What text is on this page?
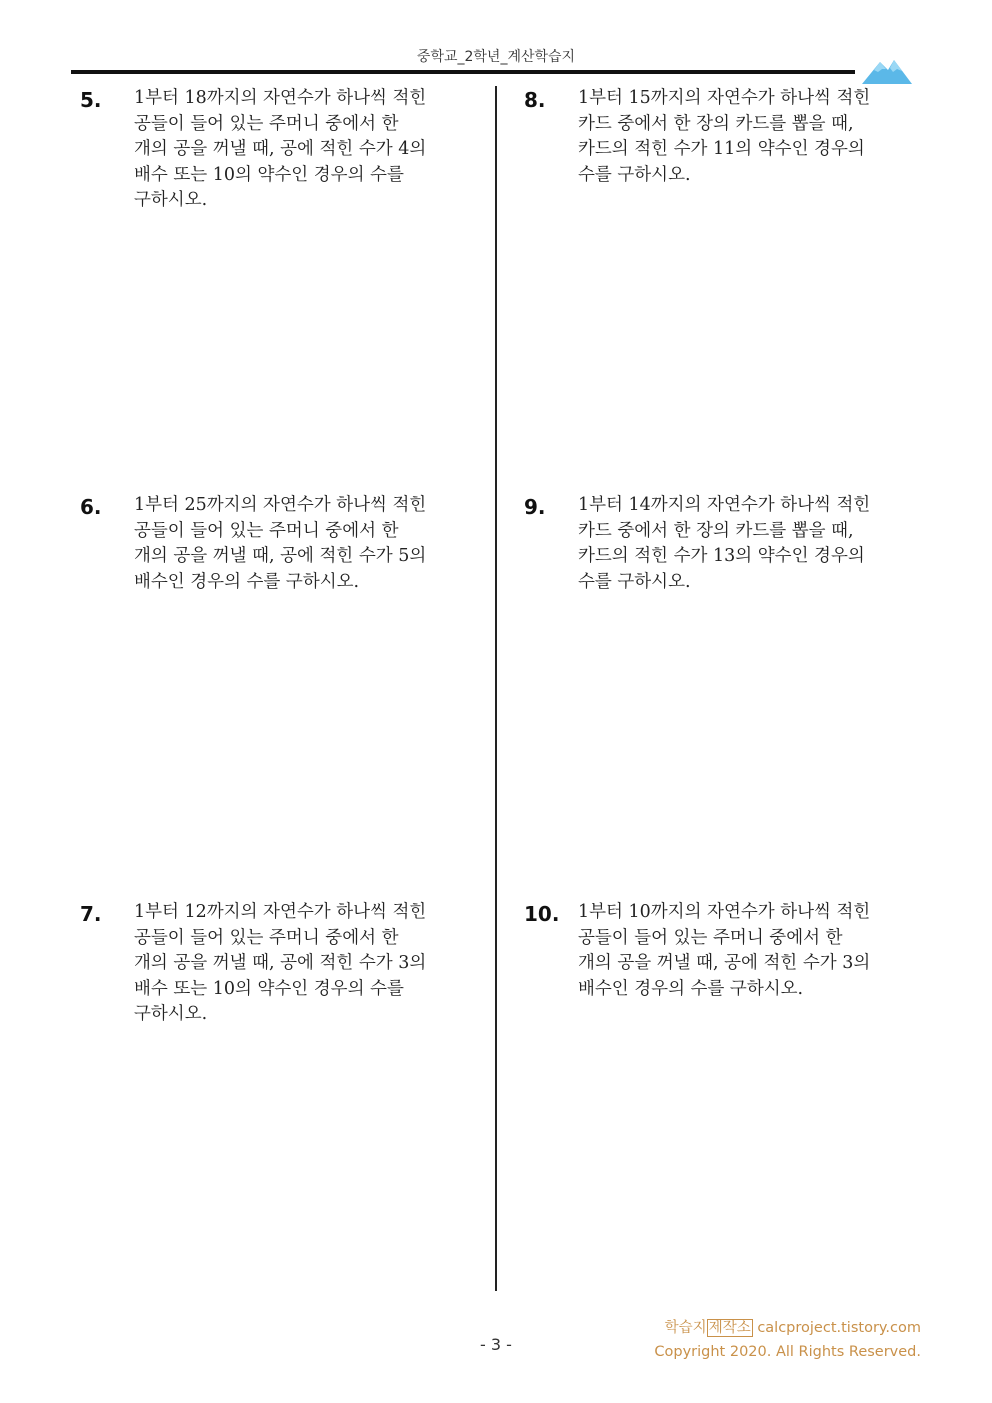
중학교_2학년_계산학습지
5. 1부터 18까지의 자연수가 하나씩 적힌
공들이 들어 있는 주머니 중에서 한
개의 공을 꺼낼 때, 공에 적힌 수가 4의
배수 또는 10의 약수인 경우의 수를
구하시오.
8. 1부터 15까지의 자연수가 하나씩 적힌
카드 중에서 한 장의 카드를 뽑을 때,
카드의 적힌 수가 11의 약수인 경우의
수를 구하시오.
6. 1부터 25까지의 자연수가 하나씩 적힌
공들이 들어 있는 주머니 중에서 한
개의 공을 꺼낼 때, 공에 적힌 수가 5의
배수인 경우의 수를 구하시오.
9. 1부터 14까지의 자연수가 하나씩 적힌
카드 중에서 한 장의 카드를 뽑을 때,
카드의 적힌 수가 13의 약수인 경우의
수를 구하시오.
7. 1부터 12까지의 자연수가 하나씩 적힌
공들이 들어 있는 주머니 중에서 한
개의 공을 꺼낼 때, 공에 적힌 수가 3의
배수 또는 10의 약수인 경우의 수를
구하시오.
10. 1부터 10까지의 자연수가 하나씩 적힌
공들이 들어 있는 주머니 중에서 한
개의 공을 꺼낼 때, 공에 적힌 수가 3의
배수인 경우의 수를 구하시오.
- 3 -
학습지 제작소 calcproject.tistory.com
Copyright 2020. All Rights Reserved.
